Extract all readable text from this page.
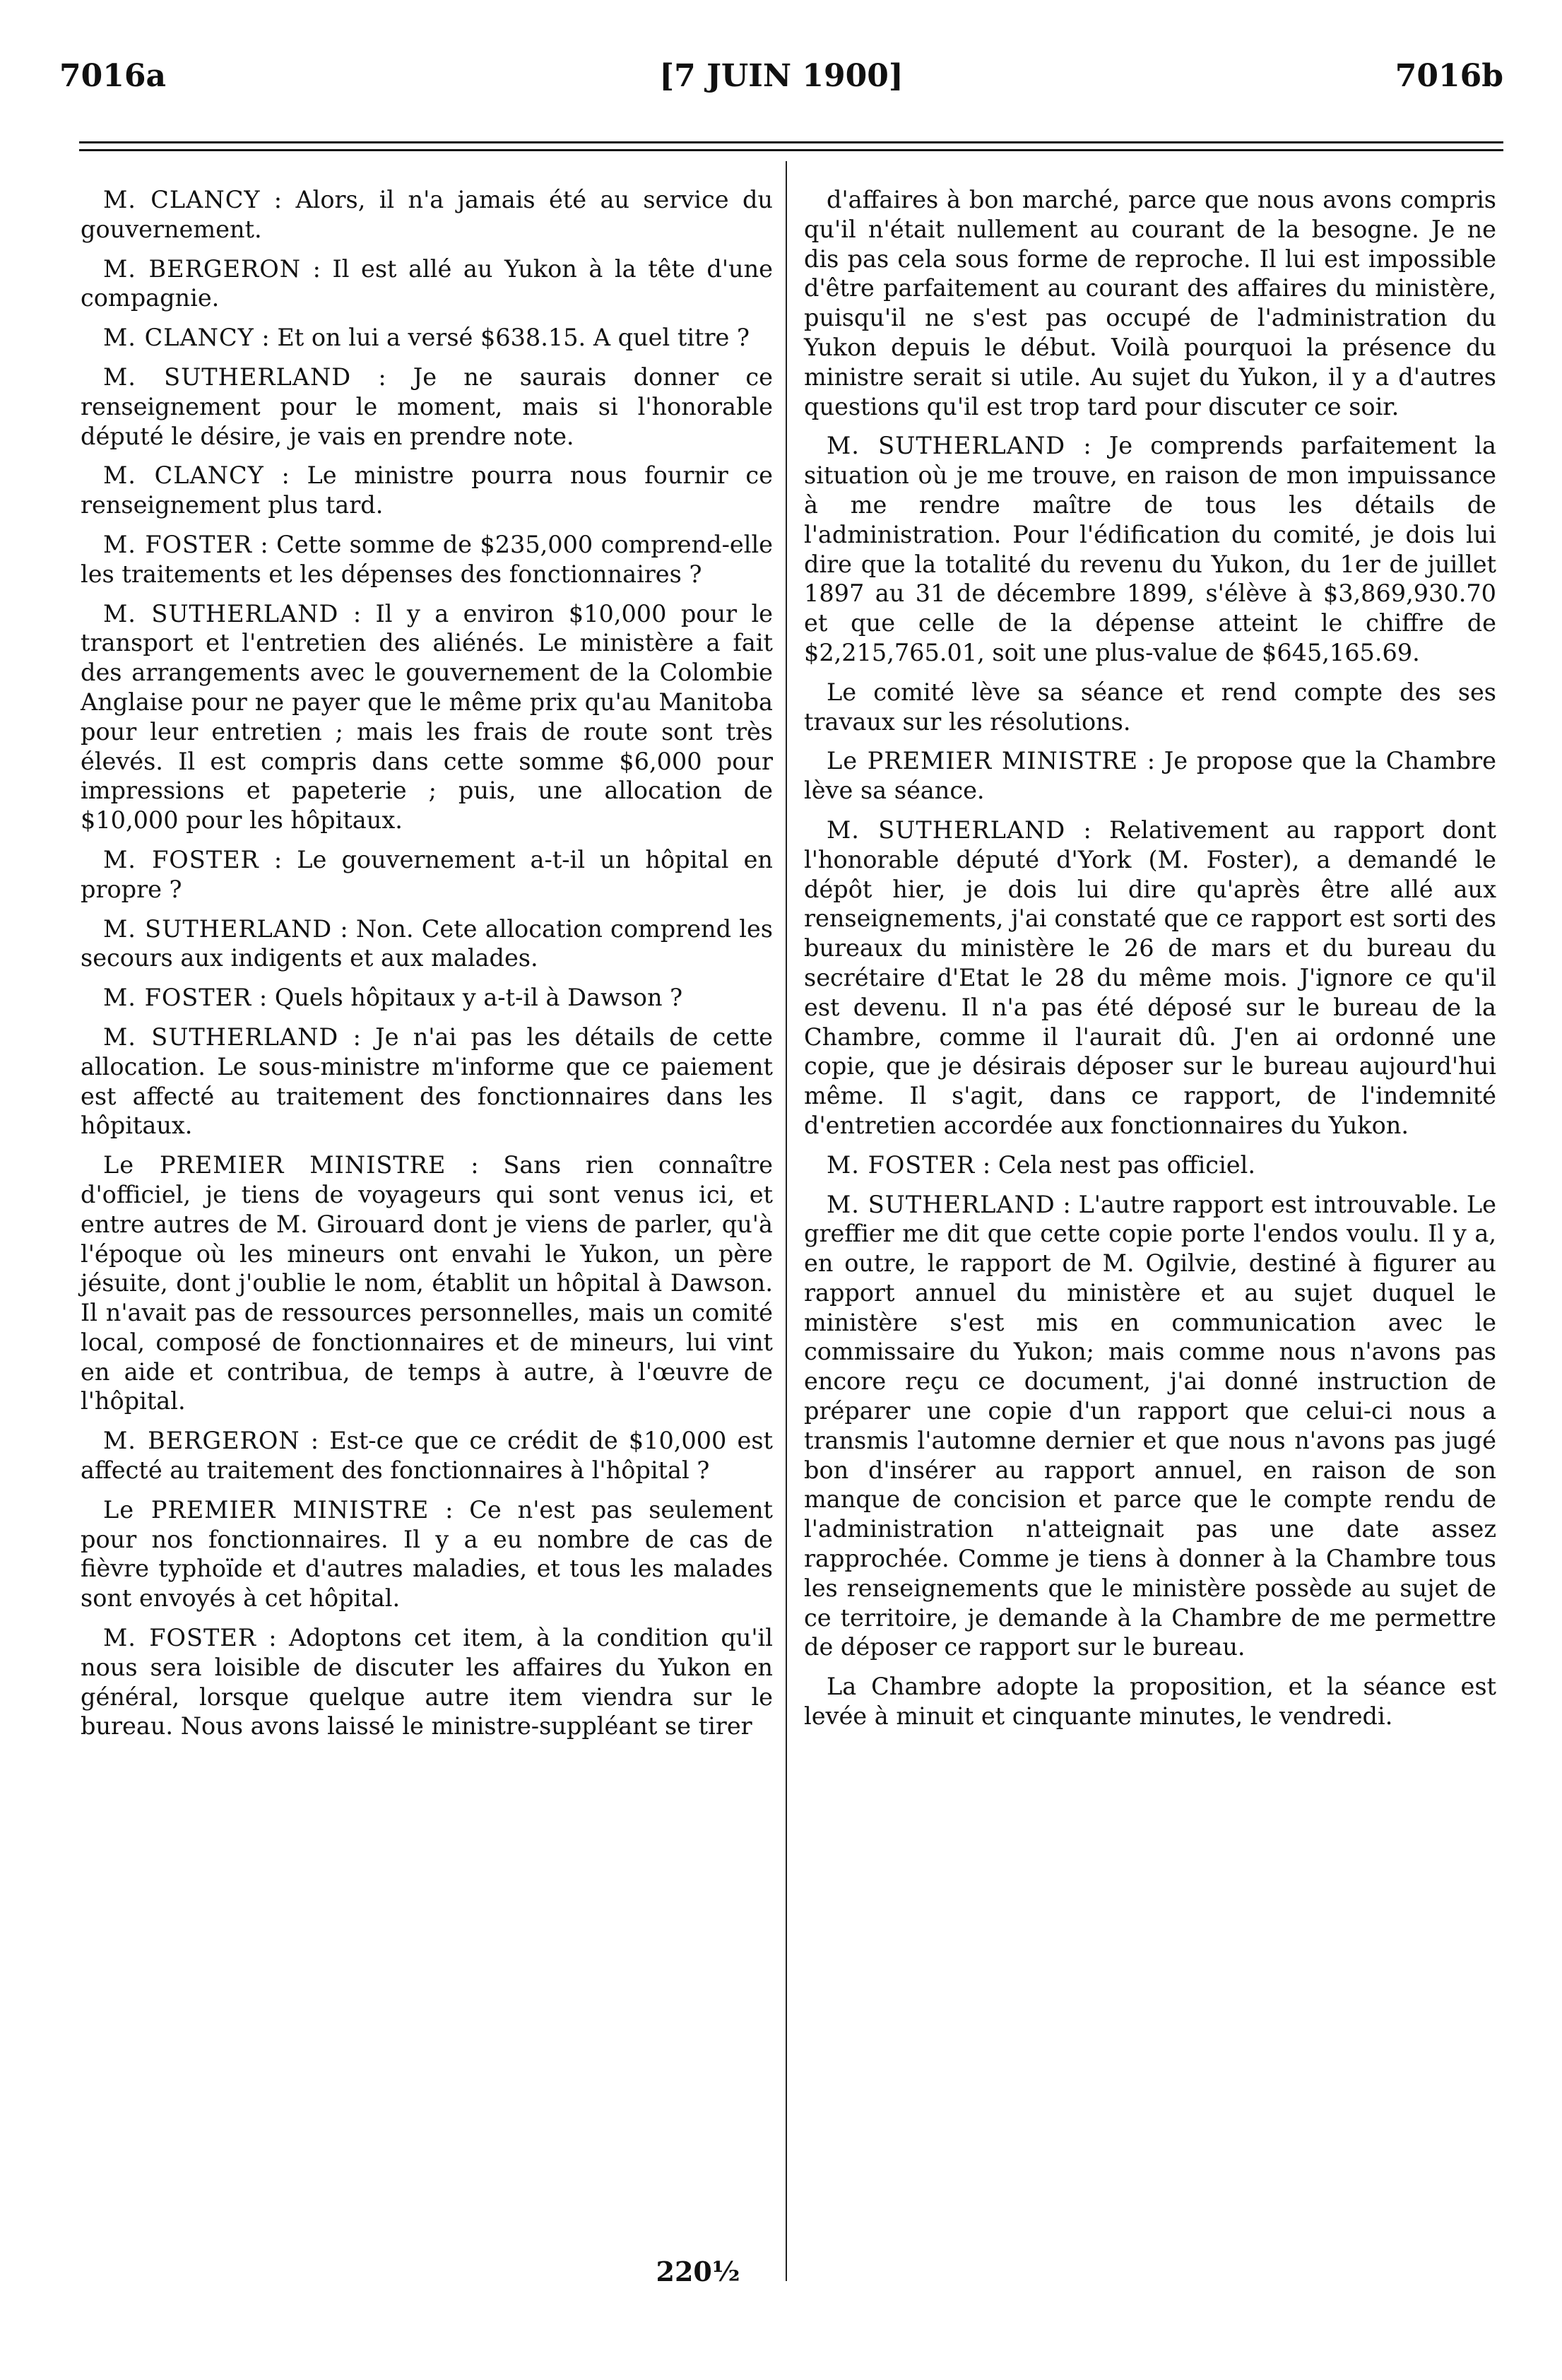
7016a	[7 JUIN 1900]	7016b

M. CLANCY : Alors, il n'a jamais été au service du gouvernement.

M. BERGERON : Il est allé au Yukon à la tête d'une compagnie.

M. CLANCY : Et on lui a versé $638.15. A quel titre ?

M. SUTHERLAND : Je ne saurais donner ce renseignement pour le moment, mais si l'honorable député le désire, je vais en prendre note.

M. CLANCY : Le ministre pourra nous fournir ce renseignement plus tard.

M. FOSTER : Cette somme de $235,000 comprend-elle les traitements et les dépenses des fonctionnaires ?

M. SUTHERLAND : Il y a environ $10,000 pour le transport et l'entretien des aliénés. Le ministère a fait des arrangements avec le gouvernement de la Colombie Anglaise pour ne payer que le même prix qu'au Manitoba pour leur entretien ; mais les frais de route sont très élevés. Il est compris dans cette somme $6,000 pour impressions et papeterie ; puis, une allocation de $10,000 pour les hôpitaux.

M. FOSTER : Le gouvernement a-t-il un hôpital en propre ?

M. SUTHERLAND : Non. Cete allocation comprend les secours aux indigents et aux malades.

M. FOSTER : Quels hôpitaux y a-t-il à Dawson ?

M. SUTHERLAND : Je n'ai pas les détails de cette allocation. Le sous-ministre m'informe que ce paiement est affecté au traitement des fonctionnaires dans les hôpitaux.

Le PREMIER MINISTRE : Sans rien connaître d'officiel, je tiens de voyageurs qui sont venus ici, et entre autres de M. Girouard dont je viens de parler, qu'à l'époque où les mineurs ont envahi le Yukon, un père jésuite, dont j'oublie le nom, établit un hôpital à Dawson. Il n'avait pas de ressources personnelles, mais un comité local, composé de fonctionnaires et de mineurs, lui vint en aide et contribua, de temps à autre, à l'œuvre de l'hôpital.

M. BERGERON : Est-ce que ce crédit de $10,000 est affecté au traitement des fonctionnaires à l'hôpital ?

Le PREMIER MINISTRE : Ce n'est pas seulement pour nos fonctionnaires. Il y a eu nombre de cas de fièvre typhoïde et d'autres maladies, et tous les malades sont envoyés à cet hôpital.

M. FOSTER : Adoptons cet item, à la condition qu'il nous sera loisible de discuter les affaires du Yukon en général, lorsque quelque autre item viendra sur le bureau. Nous avons laissé le ministre-suppléant se tirer

d'affaires à bon marché, parce que nous avons compris qu'il n'était nullement au courant de la besogne. Je ne dis pas cela sous forme de reproche. Il lui est impossible d'être parfaitement au courant des affaires du ministère, puisqu'il ne s'est pas occupé de l'administration du Yukon depuis le début. Voilà pourquoi la présence du ministre serait si utile. Au sujet du Yukon, il y a d'autres questions qu'il est trop tard pour discuter ce soir.

M. SUTHERLAND : Je comprends parfaitement la situation où je me trouve, en raison de mon impuissance à me rendre maître de tous les détails de l'administration. Pour l'édification du comité, je dois lui dire que la totalité du revenu du Yukon, du 1er de juillet 1897 au 31 de décembre 1899, s'élève à $3,869,930.70 et que celle de la dépense atteint le chiffre de $2,215,765.01, soit une plus-value de $645,165.69.

Le comité lève sa séance et rend compte des ses travaux sur les résolutions.

Le PREMIER MINISTRE : Je propose que la Chambre lève sa séance.

M. SUTHERLAND : Relativement au rapport dont l'honorable député d'York (M. Foster), a demandé le dépôt hier, je dois lui dire qu'après être allé aux renseignements, j'ai constaté que ce rapport est sorti des bureaux du ministère le 26 de mars et du bureau du secrétaire d'Etat le 28 du même mois. J'ignore ce qu'il est devenu. Il n'a pas été déposé sur le bureau de la Chambre, comme il l'aurait dû. J'en ai ordonné une copie, que je désirais déposer sur le bureau aujourd'hui même. Il s'agit, dans ce rapport, de l'indemnité d'entretien accordée aux fonctionnaires du Yukon.

M. FOSTER : Cela nest pas officiel.

M. SUTHERLAND : L'autre rapport est introuvable. Le greffier me dit que cette copie porte l'endos voulu. Il y a, en outre, le rapport de M. Ogilvie, destiné à figurer au rapport annuel du ministère et au sujet duquel le ministère s'est mis en communication avec le commissaire du Yukon; mais comme nous n'avons pas encore reçu ce document, j'ai donné instruction de préparer une copie d'un rapport que celui-ci nous a transmis l'automne dernier et que nous n'avons pas jugé bon d'insérer au rapport annuel, en raison de son manque de concision et parce que le compte rendu de l'administration n'atteignait pas une date assez rapprochée. Comme je tiens à donner à la Chambre tous les renseignements que le ministère possède au sujet de ce territoire, je demande à la Chambre de me permettre de déposer ce rapport sur le bureau.

La Chambre adopte la proposition, et la séance est levée à minuit et cinquante minutes, le vendredi.

220½
